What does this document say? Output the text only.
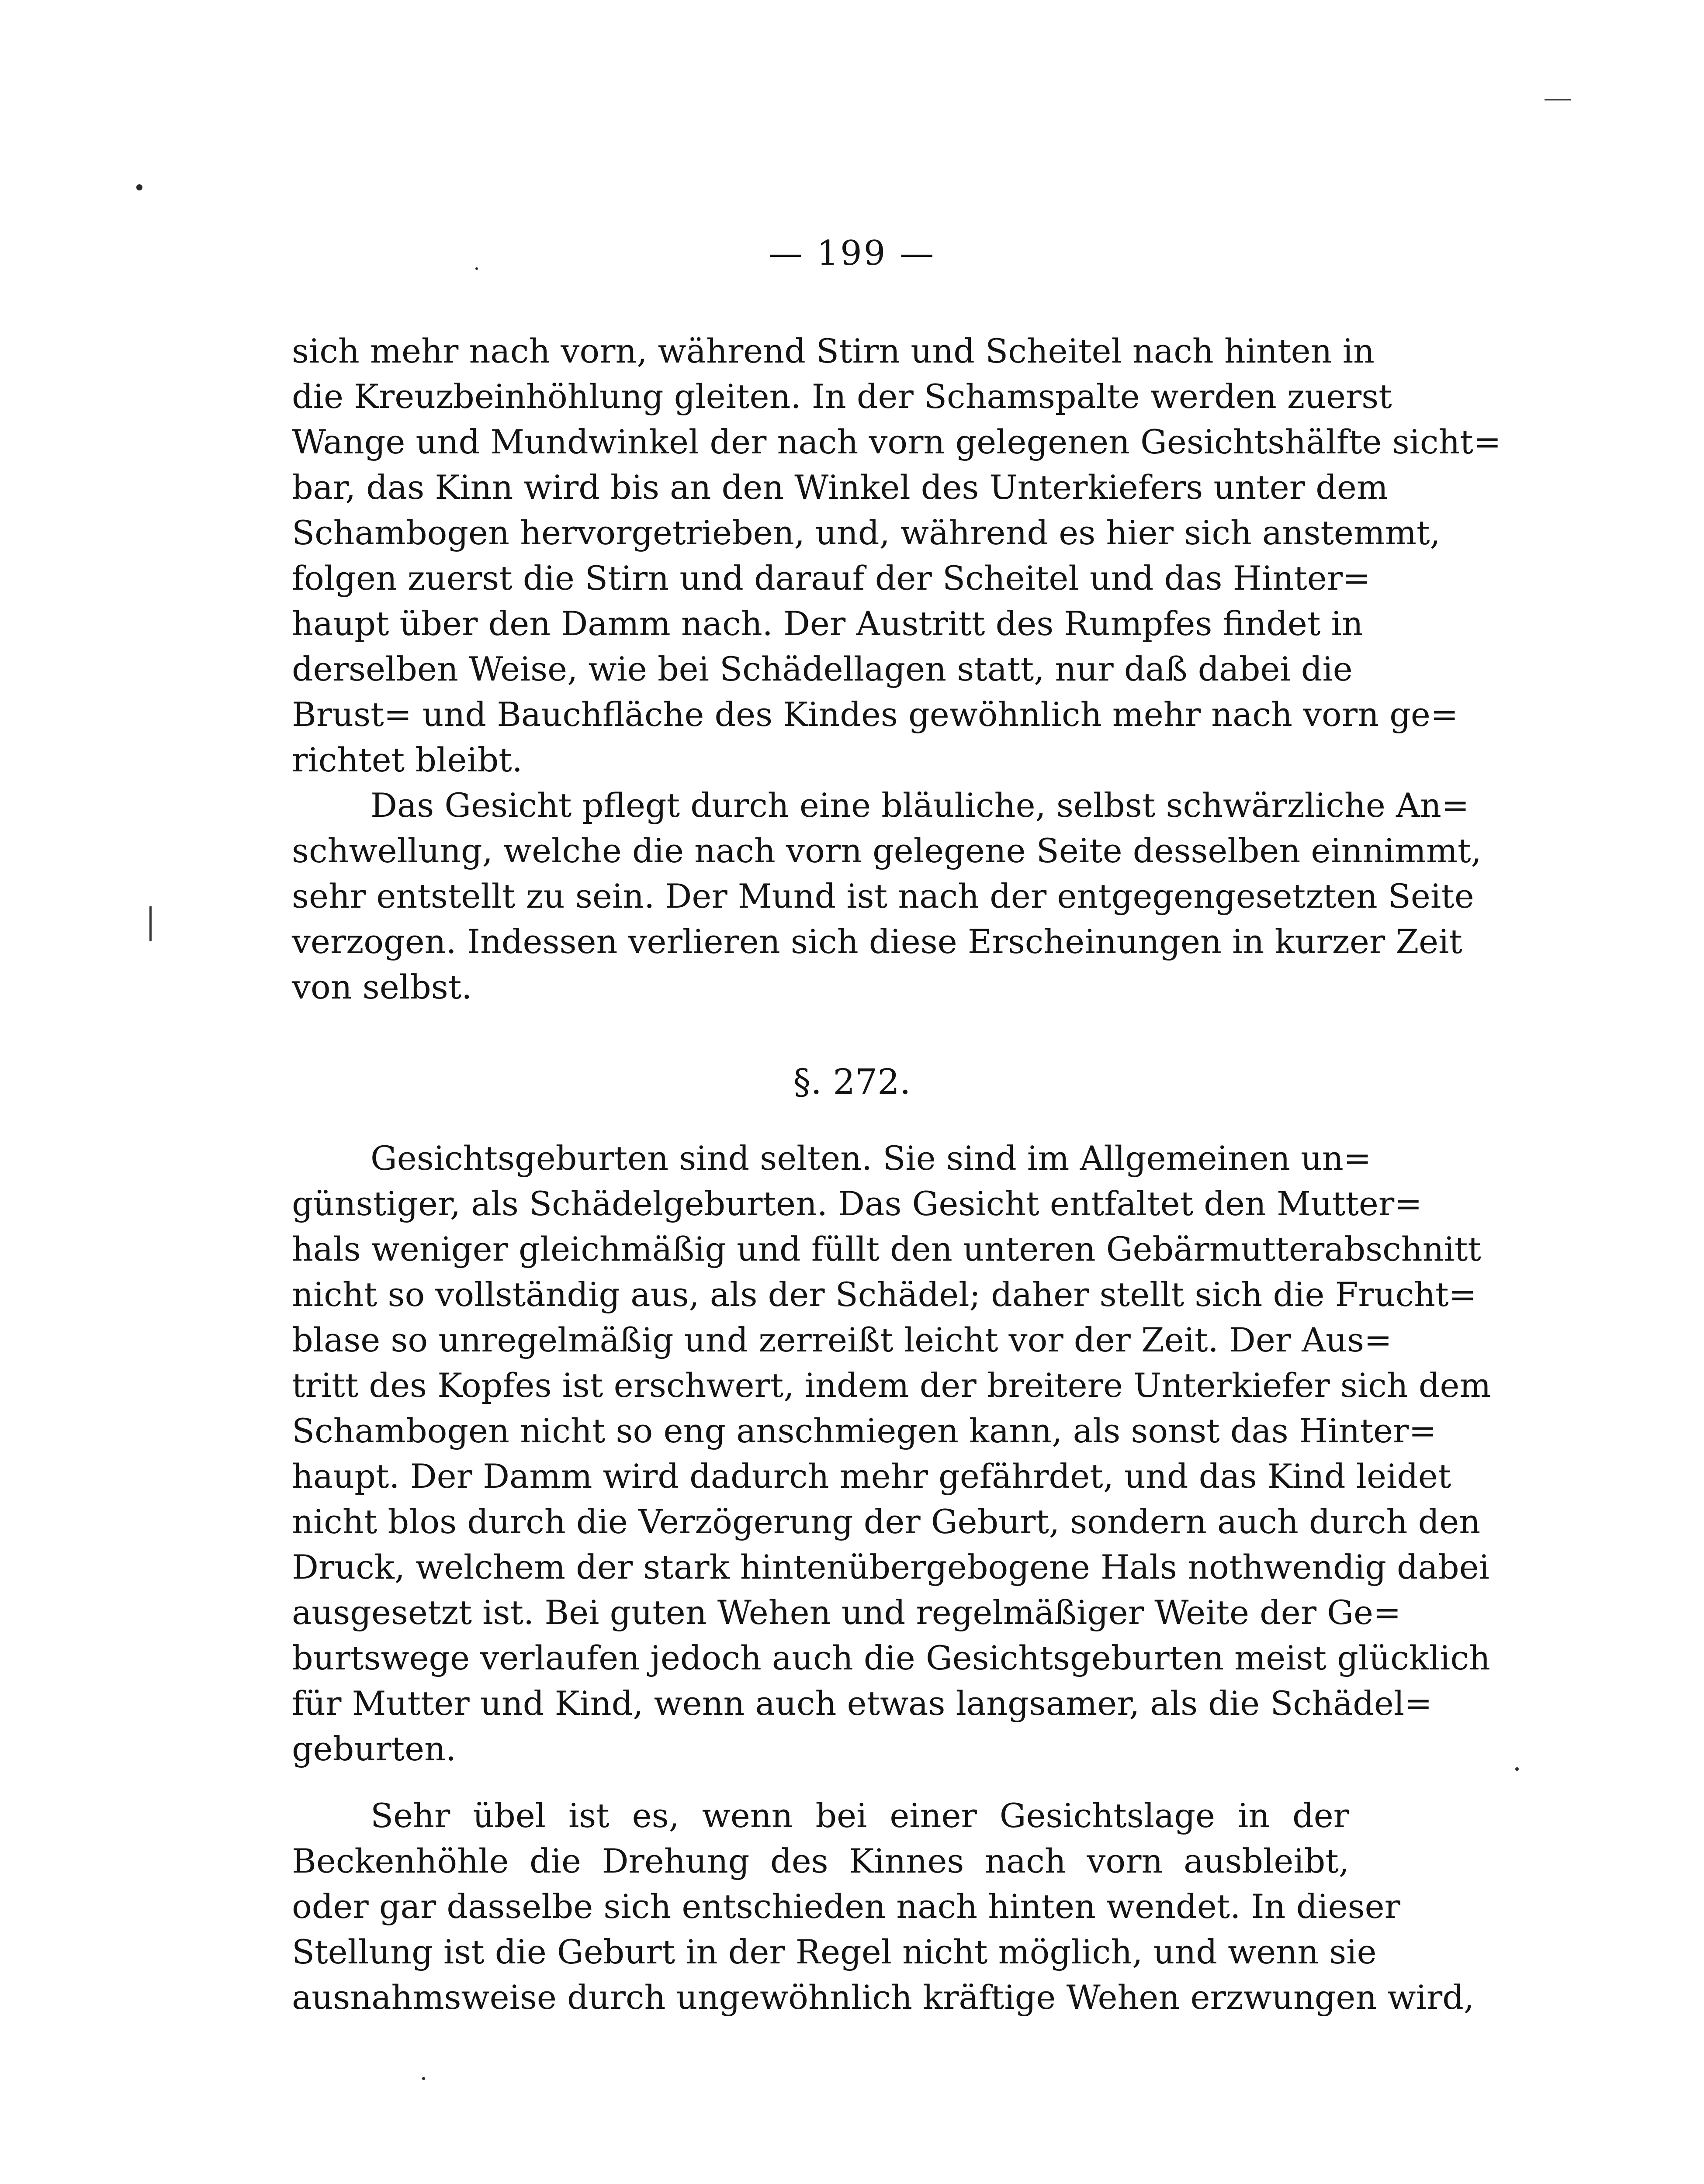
— 199 —
sich mehr nach vorn, während Stirn und Scheitel nach hinten in
die Kreuzbeinhöhlung gleiten. In der Schamspalte werden zuerst
Wange und Mundwinkel der nach vorn gelegenen Gesichtshälfte sicht=
bar, das Kinn wird bis an den Winkel des Unterkiefers unter dem
Schambogen hervorgetrieben, und, während es hier sich anstemmt,
folgen zuerst die Stirn und darauf der Scheitel und das Hinter=
haupt über den Damm nach. Der Austritt des Rumpfes findet in
derselben Weise, wie bei Schädellagen statt, nur daß dabei die
Brust= und Bauchfläche des Kindes gewöhnlich mehr nach vorn ge=
richtet bleibt.
Das Gesicht pflegt durch eine bläuliche, selbst schwärzliche An=
schwellung, welche die nach vorn gelegene Seite desselben einnimmt,
sehr entstellt zu sein. Der Mund ist nach der entgegengesetzten Seite
verzogen. Indessen verlieren sich diese Erscheinungen in kurzer Zeit
von selbst.
§. 272.
Gesichtsgeburten sind selten. Sie sind im Allgemeinen un=
günstiger, als Schädelgeburten. Das Gesicht entfaltet den Mutter=
hals weniger gleichmäßig und füllt den unteren Gebärmutterabschnitt
nicht so vollständig aus, als der Schädel; daher stellt sich die Frucht=
blase so unregelmäßig und zerreißt leicht vor der Zeit. Der Aus=
tritt des Kopfes ist erschwert, indem der breitere Unterkiefer sich dem
Schambogen nicht so eng anschmiegen kann, als sonst das Hinter=
haupt. Der Damm wird dadurch mehr gefährdet, und das Kind leidet
nicht blos durch die Verzögerung der Geburt, sondern auch durch den
Druck, welchem der stark hintenübergebogene Hals nothwendig dabei
ausgesetzt ist. Bei guten Wehen und regelmäßiger Weite der Ge=
burtswege verlaufen jedoch auch die Gesichtsgeburten meist glücklich
für Mutter und Kind, wenn auch etwas langsamer, als die Schädel=
geburten.
Sehr übel ist es, wenn bei einer Gesichtslage in der
Beckenhöhle die Drehung des Kinnes nach vorn ausbleibt,
oder gar dasselbe sich entschieden nach hinten wendet. In dieser
Stellung ist die Geburt in der Regel nicht möglich, und wenn sie
ausnahmsweise durch ungewöhnlich kräftige Wehen erzwungen wird,
